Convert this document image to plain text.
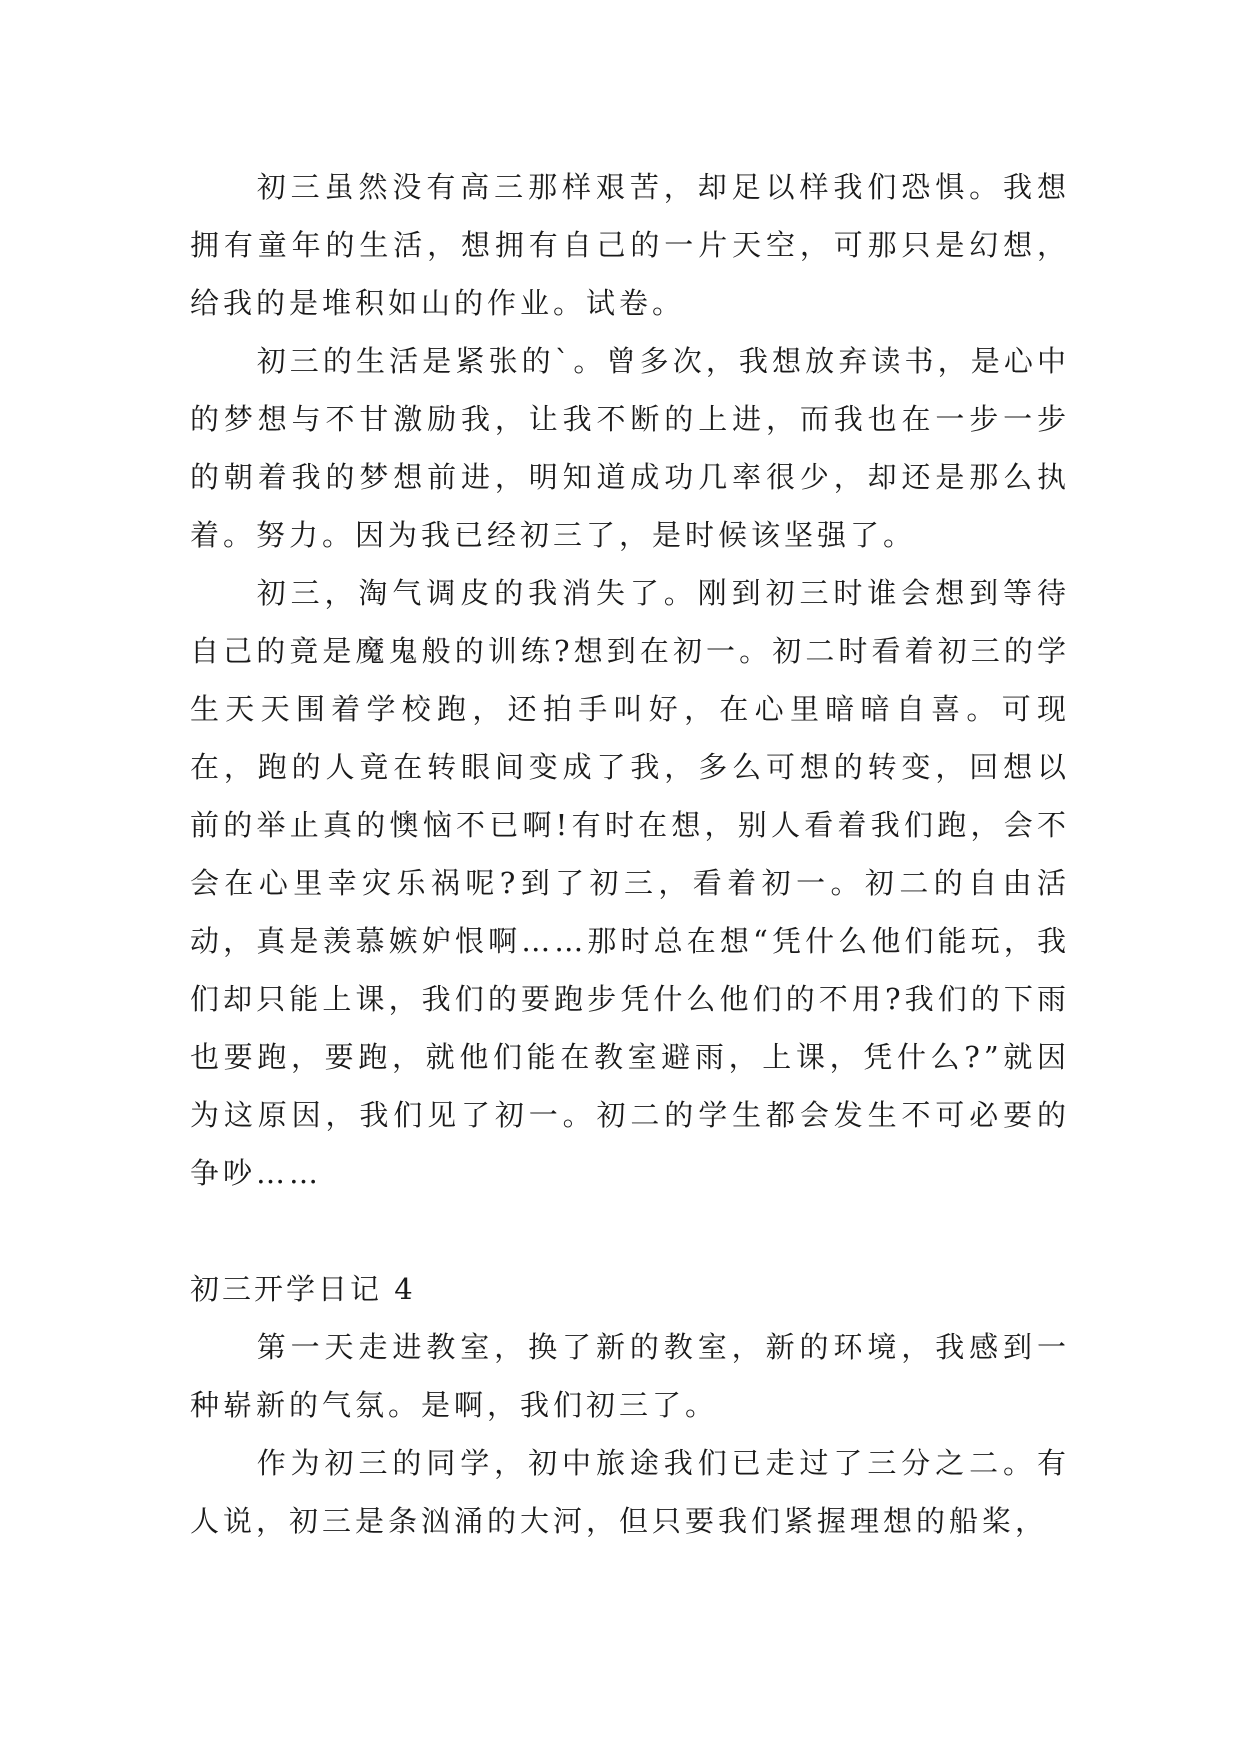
初三虽然没有高三那样艰苦，却足以样我们恐惧。我想拥有童年的生活，想拥有自己的一片天空，可那只是幻想，给我的是堆积如山的作业。试卷。

初三的生活是紧张的`。曾多次，我想放弃读书，是心中的梦想与不甘激励我，让我不断的上进，而我也在一步一步的朝着我的梦想前进，明知道成功几率很少，却还是那么执着。努力。因为我已经初三了，是时候该坚强了。

初三，淘气调皮的我消失了。刚到初三时谁会想到等待自己的竟是魔鬼般的训练?想到在初一。初二时看着初三的学生天天围着学校跑，还拍手叫好，在心里暗暗自喜。可现在，跑的人竟在转眼间变成了我，多么可想的转变，回想以前的举止真的懊恼不已啊!有时在想，别人看着我们跑，会不会在心里幸灾乐祸呢?到了初三，看着初一。初二的自由活动，真是羡慕嫉妒恨啊……那时总在想“凭什么他们能玩，我们却只能上课，我们的要跑步凭什么他们的不用?我们的下雨也要跑，要跑，就他们能在教室避雨，上课，凭什么?”就因为这原因，我们见了初一。初二的学生都会发生不可必要的争吵……

初三开学日记 4

第一天走进教室，换了新的教室，新的环境，我感到一种崭新的气氛。是啊，我们初三了。

作为初三的同学，初中旅途我们已走过了三分之二。有人说，初三是条汹涌的大河，但只要我们紧握理想的船桨，
